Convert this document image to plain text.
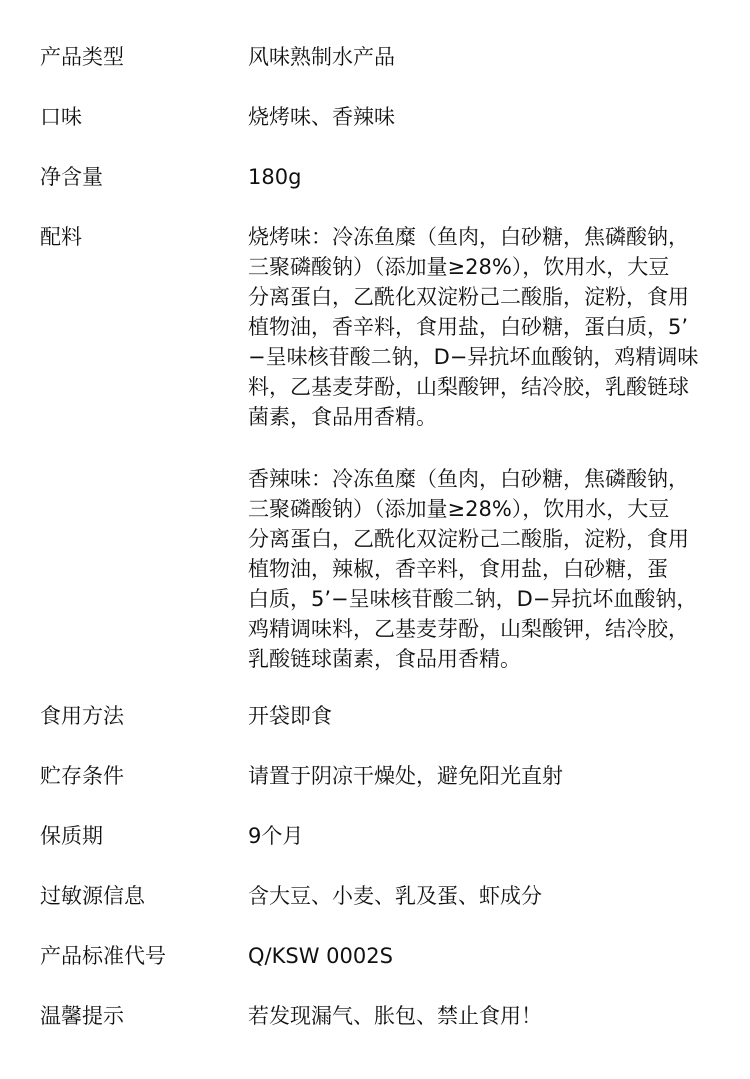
产品类型	风味熟制水产品
口味	烧烤味、香辣味
净含量	180g
配料	烧烤味：冷冻鱼糜（鱼肉，白砂糖，焦磷酸钠，
三聚磷酸钠）（添加量≥28%），饮用水，大豆
分离蛋白，乙酰化双淀粉己二酸脂，淀粉，食用
植物油，香辛料，食用盐，白砂糖，蛋白质，5’
−呈味核苷酸二钠，D−异抗坏血酸钠，鸡精调味
料，乙基麦芽酚，山梨酸钾，结冷胶，乳酸链球
菌素，食品用香精。
香辣味：冷冻鱼糜（鱼肉，白砂糖，焦磷酸钠，
三聚磷酸钠）（添加量≥28%），饮用水，大豆
分离蛋白，乙酰化双淀粉己二酸脂，淀粉，食用
植物油，辣椒，香辛料，食用盐，白砂糖，蛋
白质，5’−呈味核苷酸二钠，D−异抗坏血酸钠，
鸡精调味料，乙基麦芽酚，山梨酸钾，结冷胶，
乳酸链球菌素，食品用香精。
食用方法	开袋即食
贮存条件	请置于阴凉干燥处，避免阳光直射
保质期	9个月
过敏源信息	含大豆、小麦、乳及蛋、虾成分
产品标准代号	Q/KSW 0002S
温馨提示	若发现漏气、胀包、禁止食用！
